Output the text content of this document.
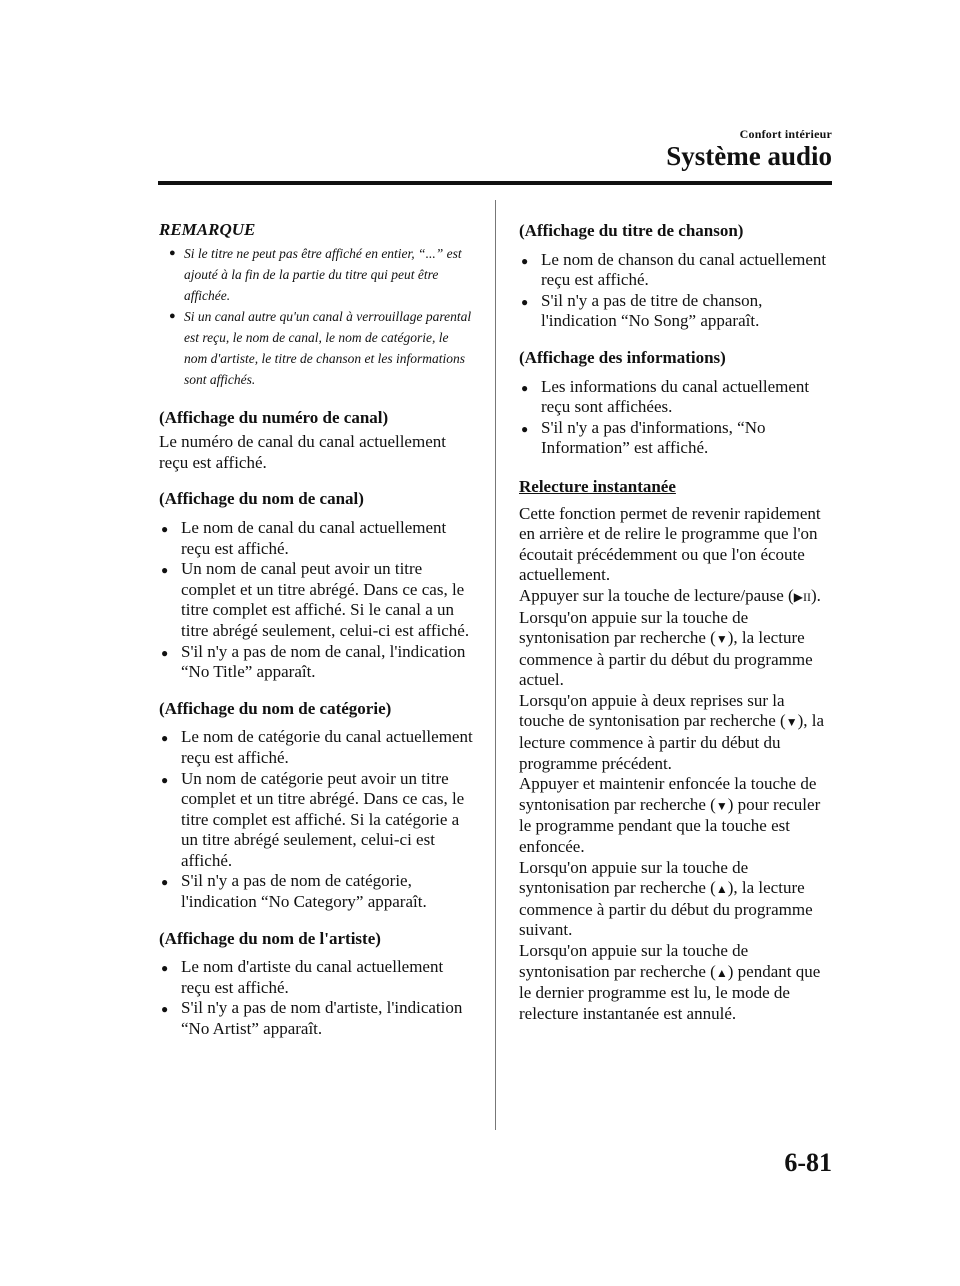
Confort intérieur
Système audio
REMARQUE
● Si le titre ne peut pas être affiché en entier, “...” est ajouté à la fin de la partie du titre qui peut être affichée.
● Si un canal autre qu'un canal à verrouillage parental est reçu, le nom de canal, le nom de catégorie, le nom d'artiste, le titre de chanson et les informations sont affichés.
(Affichage du numéro de canal)
Le numéro de canal du canal actuellement reçu est affiché.
(Affichage du nom de canal)
● Le nom de canal du canal actuellement reçu est affiché.
● Un nom de canal peut avoir un titre complet et un titre abrégé. Dans ce cas, le titre complet est affiché. Si le canal a un titre abrégé seulement, celui-ci est affiché.
● S'il n'y a pas de nom de canal, l'indication “No Title” apparaît.
(Affichage du nom de catégorie)
● Le nom de catégorie du canal actuellement reçu est affiché.
● Un nom de catégorie peut avoir un titre complet et un titre abrégé. Dans ce cas, le titre complet est affiché. Si la catégorie a un titre abrégé seulement, celui-ci est affiché.
● S'il n'y a pas de nom de catégorie, l'indication “No Category” apparaît.
(Affichage du nom de l'artiste)
● Le nom d'artiste du canal actuellement reçu est affiché.
● S'il n'y a pas de nom d'artiste, l'indication “No Artist” apparaît.
(Affichage du titre de chanson)
● Le nom de chanson du canal actuellement reçu est affiché.
● S'il n'y a pas de titre de chanson, l'indication “No Song” apparaît.
(Affichage des informations)
● Les informations du canal actuellement reçu sont affichées.
● S'il n'y a pas d'informations, “No Information” est affiché.
Relecture instantanée
Cette fonction permet de revenir rapidement en arrière et de relire le programme que l'on écoutait précédemment ou que l'on écoute actuellement.
Appuyer sur la touche de lecture/pause (▶II).
Lorsqu'on appuie sur la touche de syntonisation par recherche (▼), la lecture commence à partir du début du programme actuel.
Lorsqu'on appuie à deux reprises sur la touche de syntonisation par recherche (▼), la lecture commence à partir du début du programme précédent.
Appuyer et maintenir enfoncée la touche de syntonisation par recherche (▼) pour reculer le programme pendant que la touche est enfoncée.
Lorsqu'on appuie sur la touche de syntonisation par recherche (▲), la lecture commence à partir du début du programme suivant.
Lorsqu'on appuie sur la touche de syntonisation par recherche (▲) pendant que le dernier programme est lu, le mode de relecture instantanée est annulé.
6-81
